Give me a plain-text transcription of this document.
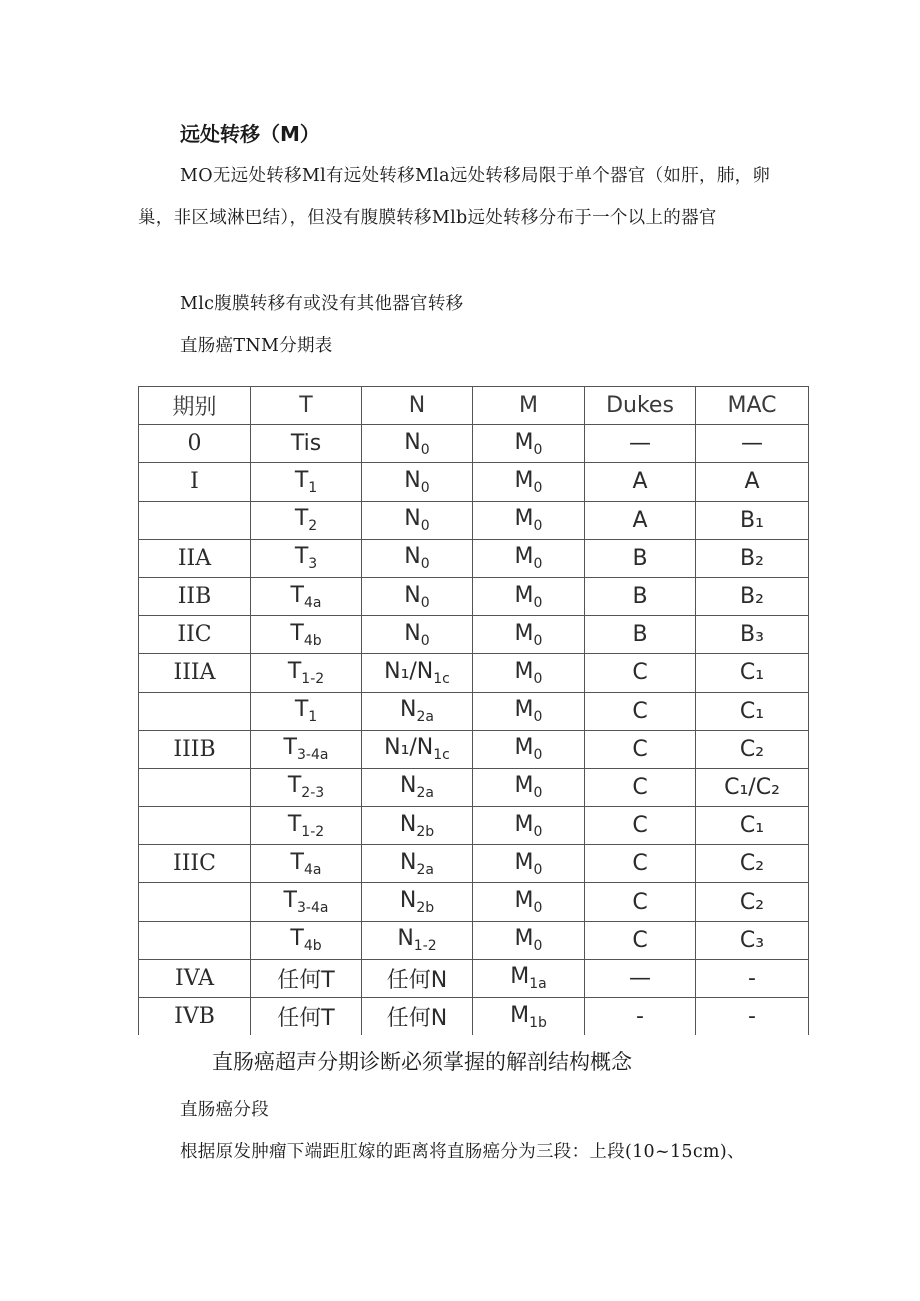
远处转移（M）
MO无远处转移Ml有远处转移Mla远处转移局限于单个器官（如肝，肺，卵巢，非区域淋巴结），但没有腹膜转移Mlb远处转移分布于一个以上的器官
Mlc腹膜转移有或没有其他器官转移
直肠癌TNM分期表
期别	T	N	M	Dukes	MAC
0	Tis	$N_0$	$M_0$	—	—
I	$T_1$	$N_0$	$M_0$	A	A
	$T_2$	$N_0$	$M_0$	A	B₁
IIA	$T_3$	$N_0$	$M_0$	B	B₂
IIB	$T_{4a}$	$N_0$	$M_0$	B	B₂
IIC	$T_{4b}$	$N_0$	$M_0$	B	B₃
IIIA	$T_{1-2}$	$N_1/N_{1c}$	$M_0$	C	C₁
	$T_1$	$N_{2a}$	$M_0$	C	C₁
IIIB	$T_{3-4a}$	$N_1/N_{1c}$	$M_0$	C	C₂
	$T_{2-3}$	$N_{2a}$	$M_0$	C	C₁/C₂
	$T_{1-2}$	$N_{2b}$	$M_0$	C	C₁
IIIC	$T_{4a}$	$N_{2a}$	$M_0$	C	C₂
	$T_{3-4a}$	$N_{2b}$	$M_0$	C	C₂
	$T_{4b}$	$N_{1-2}$	$M_0$	C	C₃
IVA	任何T	任何N	$M_{1a}$	—	-
IVB	任何T	任何N	$M_{1b}$	-	-
直肠癌超声分期诊断必须掌握的解剖结构概念
直肠癌分段
根据原发肿瘤下端距肛嫁的距离将直肠癌分为三段：上段(10~15cm)、
